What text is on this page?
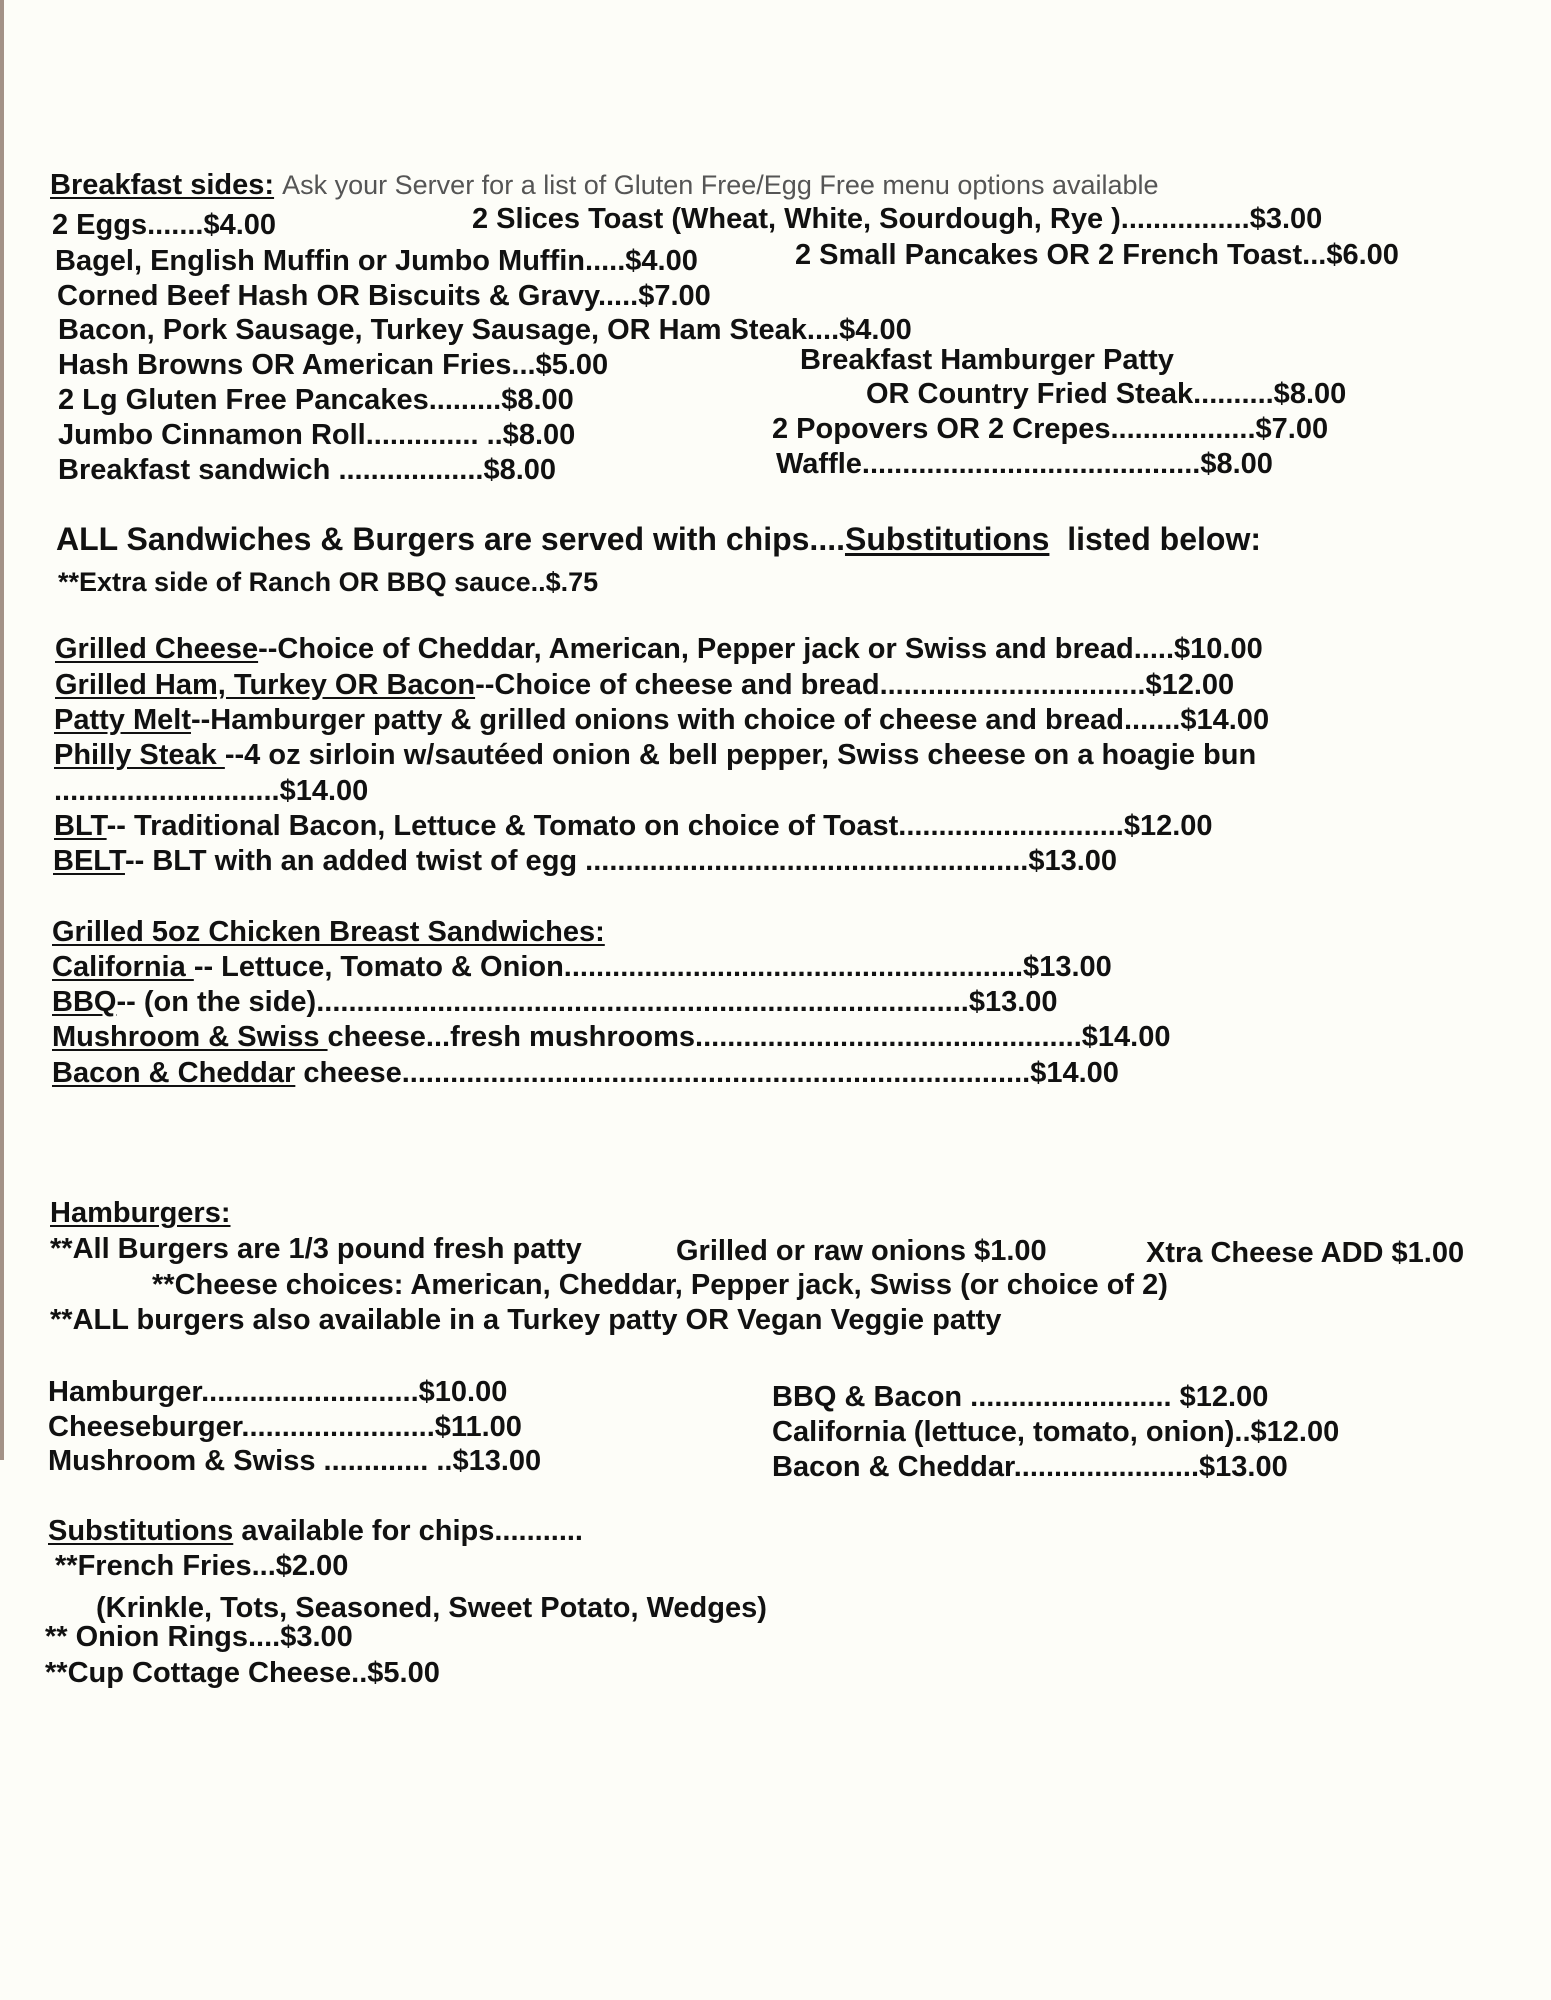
Breakfast sides: Ask your Server for a list of Gluten Free/Egg Free menu options available
2 Eggs.......$4.00	2 Slices Toast (Wheat, White, Sourdough, Rye )................$3.00
Bagel, English Muffin or Jumbo Muffin.....$4.00	2 Small Pancakes OR 2 French Toast...$6.00
Corned Beef Hash OR Biscuits & Gravy.....$7.00
Bacon, Pork Sausage, Turkey Sausage, OR Ham Steak....$4.00
Hash Browns OR American Fries...$5.00	Breakfast Hamburger Patty
2 Lg Gluten Free Pancakes.........$8.00	OR Country Fried Steak..........$8.00
Jumbo Cinnamon Roll.............. ..$8.00	2 Popovers OR 2 Crepes..................$7.00
Breakfast sandwich ..................$8.00	Waffle..........................................$8.00
ALL Sandwiches & Burgers are served with chips....Substitutions listed below:
**Extra side of Ranch OR BBQ sauce..$.75
Grilled Cheese--Choice of Cheddar, American, Pepper jack or Swiss and bread.....$10.00
Grilled Ham, Turkey OR Bacon--Choice of cheese and bread.................................$12.00
Patty Melt--Hamburger patty & grilled onions with choice of cheese and bread.......$14.00
Philly Steak --4 oz sirloin w/sautéed onion & bell pepper, Swiss cheese on a hoagie bun
............................$14.00
BLT-- Traditional Bacon, Lettuce & Tomato on choice of Toast............................$12.00
BELT-- BLT with an added twist of egg .......................................................$13.00
Grilled 5oz Chicken Breast Sandwiches:
California -- Lettuce, Tomato & Onion.........................................................$13.00
BBQ-- (on the side).................................................................................$13.00
Mushroom & Swiss cheese...fresh mushrooms................................................$14.00
Bacon & Cheddar cheese..............................................................................$14.00
Hamburgers:
**All Burgers are 1/3 pound fresh patty	Grilled or raw onions $1.00	Xtra Cheese ADD $1.00
**Cheese choices: American, Cheddar, Pepper jack, Swiss (or choice of 2)
**ALL burgers also available in a Turkey patty OR Vegan Veggie patty
Hamburger...........................$10.00
Cheeseburger........................$11.00
Mushroom & Swiss ............. ..$13.00
BBQ & Bacon ......................... $12.00
California (lettuce, tomato, onion)..$12.00
Bacon & Cheddar.......................$13.00
Substitutions available for chips...........
**French Fries...$2.00
(Krinkle, Tots, Seasoned, Sweet Potato, Wedges)
** Onion Rings....$3.00
**Cup Cottage Cheese..$5.00
